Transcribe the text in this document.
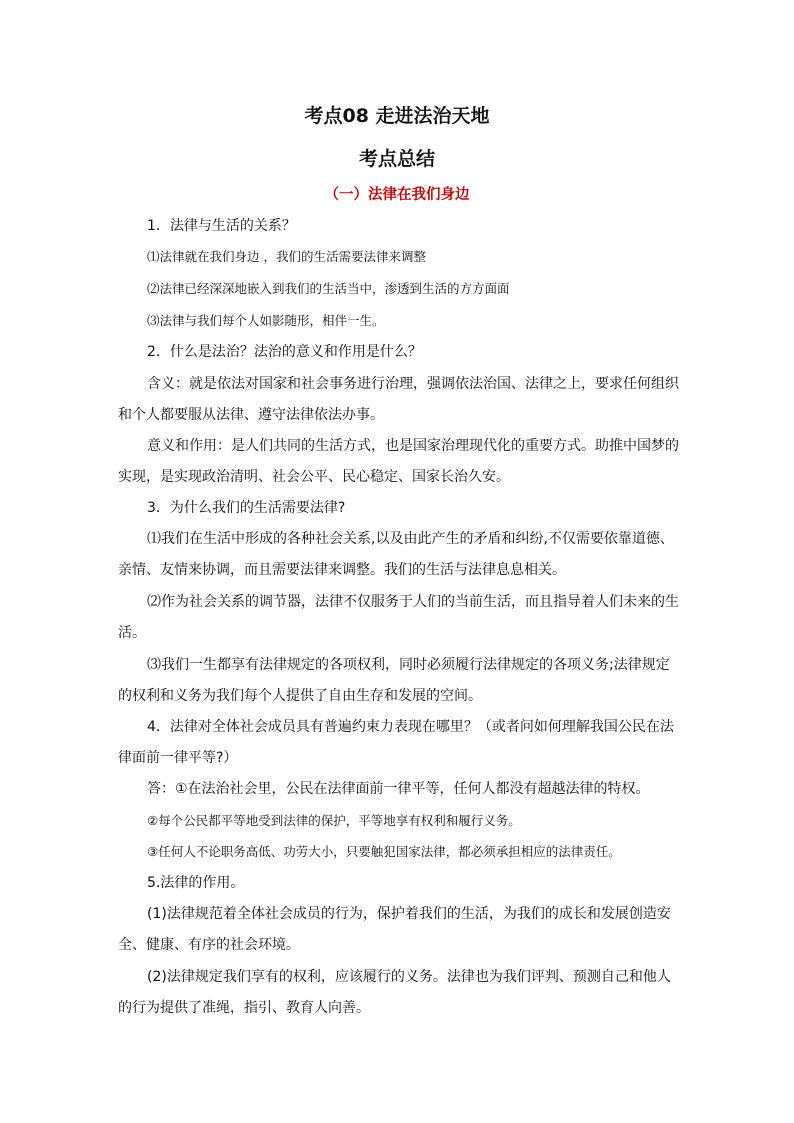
考点08 走进法治天地
考点总结
（一）法律在我们身边
1．法律与生活的关系？
⑴法律就在我们身边 ，我们的生活需要法律来调整
⑵法律已经深深地嵌入到我们的生活当中，渗透到生活的方方面面
⑶法律与我们每个人如影随形，相伴一生。
2．什么是法治？法治的意义和作用是什么？
含义：就是依法对国家和社会事务进行治理，强调依法治国、法律之上，要求任何组织
和个人都要服从法律、遵守法律依法办事。
意义和作用：是人们共同的生活方式，也是国家治理现代化的重要方式。助推中国梦的
实现，是实现政治清明、社会公平、民心稳定、国家长治久安。
3．为什么我们的生活需要法律?
⑴我们在生活中形成的各种社会关系,以及由此产生的矛盾和纠纷,不仅需要依靠道德、
亲情、友情来协调，而且需要法律来调整。我们的生活与法律息息相关。
⑵作为社会关系的调节器，法律不仅服务于人们的当前生活，而且指导着人们未来的生
活。
⑶我们一生都享有法律规定的各项权利，同时必须履行法律规定的各项义务;法律规定
的权利和义务为我们每个人提供了自由生存和发展的空间。
4．法律对全体社会成员具有普遍约束力表现在哪里？（或者问如何理解我国公民在法
律面前一律平等?）
答：①在法治社会里，公民在法律面前一律平等，任何人都没有超越法律的特权。
②每个公民都平等地受到法律的保护，平等地享有权利和履行义务。
③任何人不论职务高低、功劳大小，只要触犯国家法律，都必须承担相应的法律责任。
5.法律的作用。
(1)法律规范着全体社会成员的行为，保护着我们的生活，为我们的成长和发展创造安
全、健康、有序的社会环境。
(2)法律规定我们享有的权利，应该履行的义务。法律也为我们评判、预测自己和他人
的行为提供了准绳，指引、教育人向善。
